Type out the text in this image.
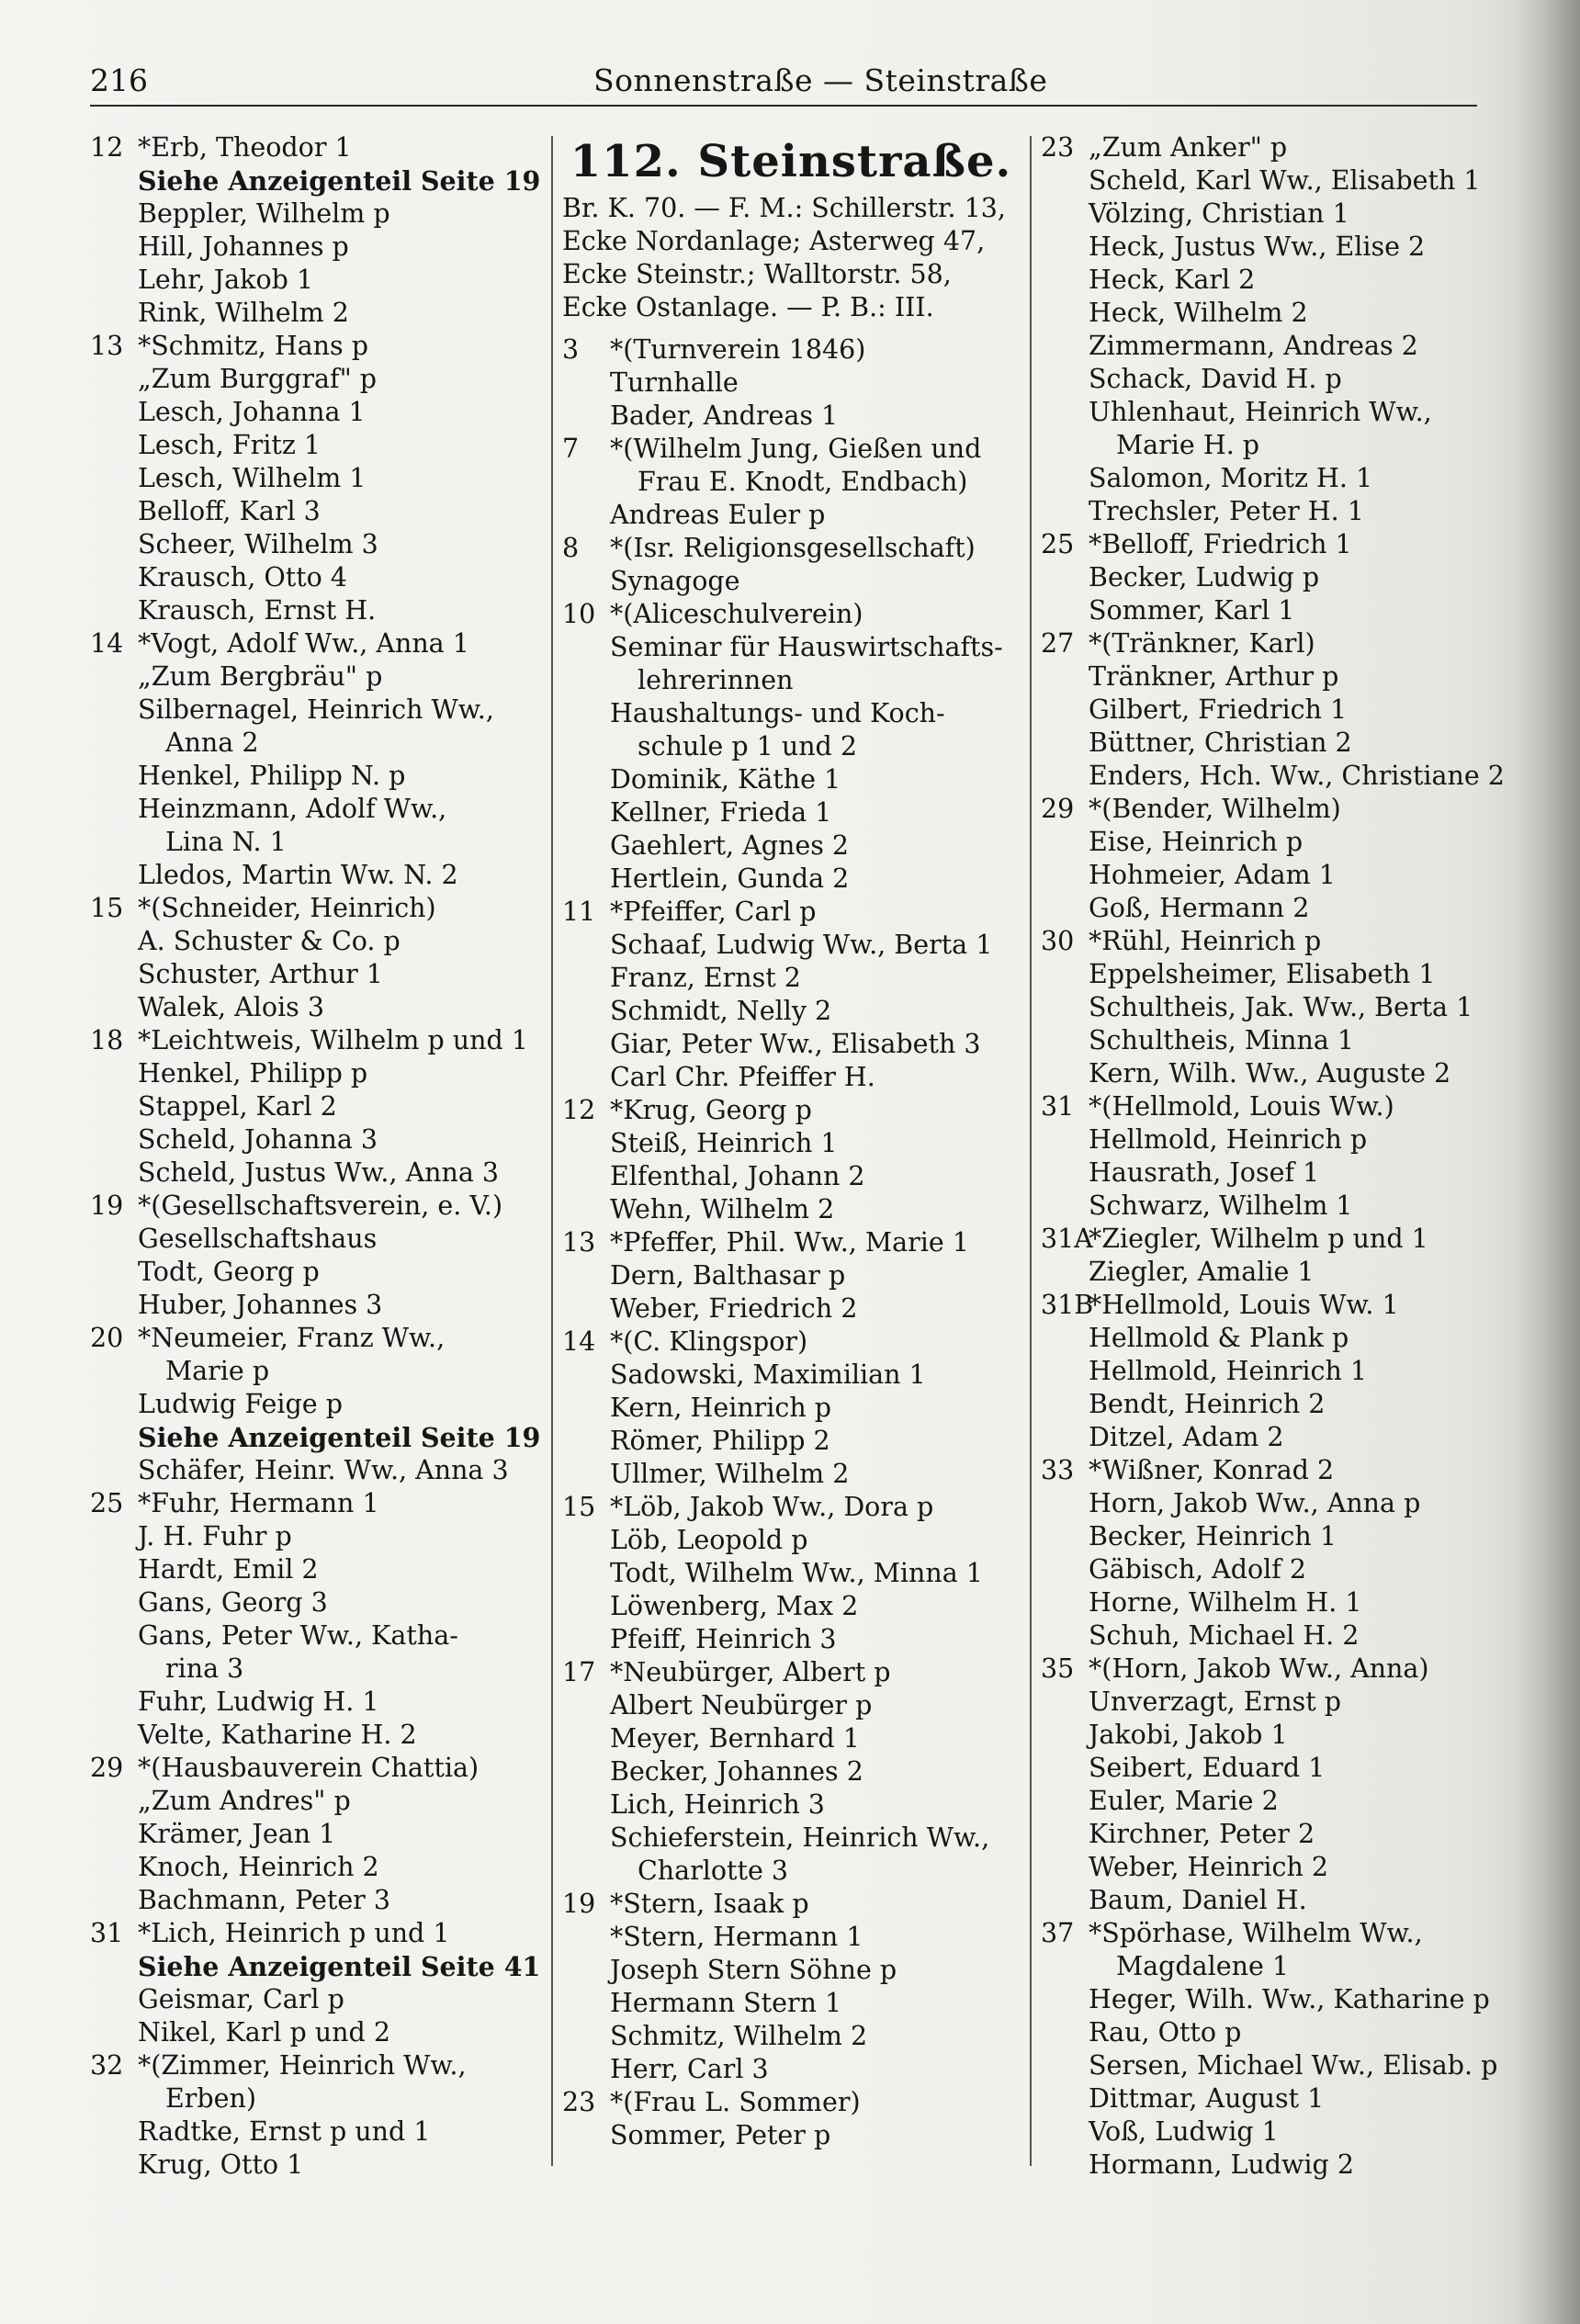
216	Sonnenstraße — Steinstraße
12 *Erb, Theodor 1
Siehe Anzeigenteil Seite 19
Beppler, Wilhelm p
Hill, Johannes p
Lehr, Jakob 1
Rink, Wilhelm 2
13 *Schmitz, Hans p
„Zum Burggraf" p
Lesch, Johanna 1
Lesch, Fritz 1
Lesch, Wilhelm 1
Belloff, Karl 3
Scheer, Wilhelm 3
Krausch, Otto 4
Krausch, Ernst H.
14 *Vogt, Adolf Ww., Anna 1
„Zum Bergbräu" p
Silbernagel, Heinrich Ww.,
Anna 2
Henkel, Philipp N. p
Heinzmann, Adolf Ww.,
Lina N. 1
Lledos, Martin Ww. N. 2
15 *(Schneider, Heinrich)
A. Schuster & Co. p
Schuster, Arthur 1
Walek, Alois 3
18 *Leichtweis, Wilhelm p und 1
Henkel, Philipp p
Stappel, Karl 2
Scheld, Johanna 3
Scheld, Justus Ww., Anna 3
19 *(Gesellschaftsverein, e. V.)
Gesellschaftshaus
Todt, Georg p
Huber, Johannes 3
20 *Neumeier, Franz Ww.,
Marie p
Ludwig Feige p
Siehe Anzeigenteil Seite 19
Schäfer, Heinr. Ww., Anna 3
25 *Fuhr, Hermann 1
J. H. Fuhr p
Hardt, Emil 2
Gans, Georg 3
Gans, Peter Ww., Katha-
rina 3
Fuhr, Ludwig H. 1
Velte, Katharine H. 2
29 *(Hausbauverein Chattia)
„Zum Andres" p
Krämer, Jean 1
Knoch, Heinrich 2
Bachmann, Peter 3
31 *Lich, Heinrich p und 1
Siehe Anzeigenteil Seite 41
Geismar, Carl p
Nikel, Karl p und 2
32 *(Zimmer, Heinrich Ww.,
Erben)
Radtke, Ernst p und 1
Krug, Otto 1
112. Steinstraße.
Br. K. 70. — F. M.: Schillerstr. 13,
Ecke Nordanlage; Asterweg 47,
Ecke Steinstr.; Walltorstr. 58,
Ecke Ostanlage. — P. B.: III.
3 *(Turnverein 1846)
Turnhalle
Bader, Andreas 1
7 *(Wilhelm Jung, Gießen und
Frau E. Knodt, Endbach)
Andreas Euler p
8 *(Isr. Religionsgesellschaft)
Synagoge
10 *(Aliceschulverein)
Seminar für Hauswirtschafts-
lehrerinnen
Haushaltungs- und Koch-
schule p 1 und 2
Dominik, Käthe 1
Kellner, Frieda 1
Gaehlert, Agnes 2
Hertlein, Gunda 2
11 *Pfeiffer, Carl p
Schaaf, Ludwig Ww., Berta 1
Franz, Ernst 2
Schmidt, Nelly 2
Giar, Peter Ww., Elisabeth 3
Carl Chr. Pfeiffer H.
12 *Krug, Georg p
Steiß, Heinrich 1
Elfenthal, Johann 2
Wehn, Wilhelm 2
13 *Pfeffer, Phil. Ww., Marie 1
Dern, Balthasar p
Weber, Friedrich 2
14 *(C. Klingspor)
Sadowski, Maximilian 1
Kern, Heinrich p
Römer, Philipp 2
Ullmer, Wilhelm 2
15 *Löb, Jakob Ww., Dora p
Löb, Leopold p
Todt, Wilhelm Ww., Minna 1
Löwenberg, Max 2
Pfeiff, Heinrich 3
17 *Neubürger, Albert p
Albert Neubürger p
Meyer, Bernhard 1
Becker, Johannes 2
Lich, Heinrich 3
Schieferstein, Heinrich Ww.,
Charlotte 3
19 *Stern, Isaak p
*Stern, Hermann 1
Joseph Stern Söhne p
Hermann Stern 1
Schmitz, Wilhelm 2
Herr, Carl 3
23 *(Frau L. Sommer)
Sommer, Peter p
23 „Zum Anker" p
Scheld, Karl Ww., Elisabeth 1
Völzing, Christian 1
Heck, Justus Ww., Elise 2
Heck, Karl 2
Heck, Wilhelm 2
Zimmermann, Andreas 2
Schack, David H. p
Uhlenhaut, Heinrich Ww.,
Marie H. p
Salomon, Moritz H. 1
Trechsler, Peter H. 1
25 *Belloff, Friedrich 1
Becker, Ludwig p
Sommer, Karl 1
27 *(Tränkner, Karl)
Tränkner, Arthur p
Gilbert, Friedrich 1
Büttner, Christian 2
Enders, Hch. Ww., Christiane 2
29 *(Bender, Wilhelm)
Eise, Heinrich p
Hohmeier, Adam 1
Goß, Hermann 2
30 *Rühl, Heinrich p
Eppelsheimer, Elisabeth 1
Schultheis, Jak. Ww., Berta 1
Schultheis, Minna 1
Kern, Wilh. Ww., Auguste 2
31 *(Hellmold, Louis Ww.)
Hellmold, Heinrich p
Hausrath, Josef 1
Schwarz, Wilhelm 1
31A
*Ziegler, Wilhelm p und 1
Ziegler, Amalie 1
31B
*Hellmold, Louis Ww. 1
Hellmold & Plank p
Hellmold, Heinrich 1
Bendt, Heinrich 2
Ditzel, Adam 2
33 *Wißner, Konrad 2
Horn, Jakob Ww., Anna p
Becker, Heinrich 1
Gäbisch, Adolf 2
Horne, Wilhelm H. 1
Schuh, Michael H. 2
35 *(Horn, Jakob Ww., Anna)
Unverzagt, Ernst p
Jakobi, Jakob 1
Seibert, Eduard 1
Euler, Marie 2
Kirchner, Peter 2
Weber, Heinrich 2
Baum, Daniel H.
37 *Spörhase, Wilhelm Ww.,
Magdalene 1
Heger, Wilh. Ww., Katharine p
Rau, Otto p
Sersen, Michael Ww., Elisab. p
Dittmar, August 1
Voß, Ludwig 1
Hormann, Ludwig 2
